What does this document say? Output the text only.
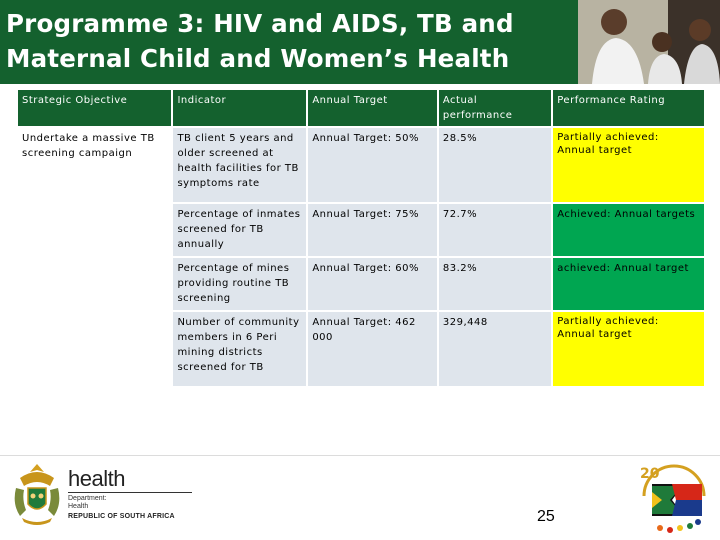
Programme 3: HIV and AIDS, TB and Maternal Child and Women’s Health
Strategic Objective	Indicator	Annual Target	Actual performance	Performance Rating
Undertake a massive TB screening campaign	TB client 5 years and older screened at health facilities for TB symptoms rate	Annual Target: 50%	28.5%	Partially achieved: Annual target
	Percentage of inmates screened for TB annually	Annual Target: 75%	72.7%	Achieved: Annual targets
	Percentage of mines providing routine TB screening	Annual Target: 60%	83.2%	achieved: Annual target
	Number of community members in 6 Peri mining districts screened for TB	Annual Target: 462 000	329,448	Partially achieved: Annual target
health
Department:
Health
REPUBLIC OF SOUTH AFRICA	25
20
